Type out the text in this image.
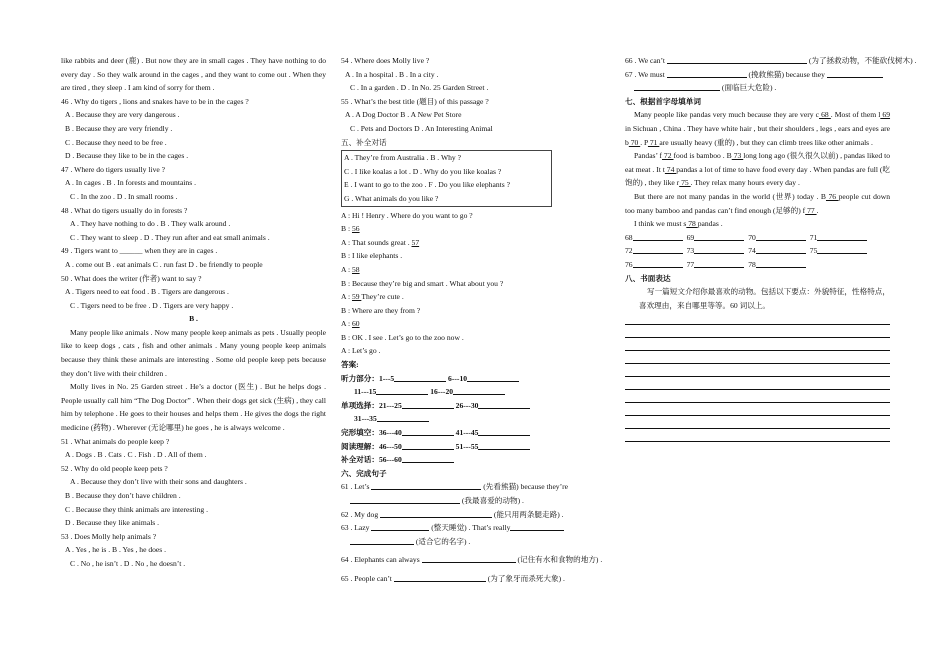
like rabbits and deer (鹿) . But now they are in small cages . They have nothing to do every day . So they walk around in the cages , and they want to come out . When they are tired , they sleep . I am kind of sorry for them .

46 . Why do tigers , lions and snakes have to be in the cages ?
A . Because they are very dangerous .
B . Because they are very friendly .
C . Because they need to be free .
D . Because they like to be in the cages .
47 . Where do tigers usually live ?
A . In cages . B . In forests and mountains .
C . In the zoo . D . In small rooms .
48 . What do tigers usually do in forests ?
A . They have nothing to do . B . They walk around .
C . They want to sleep . D . They run after and eat small animals .
49 . Tigers want to ______ when they are in cages .
A . come out B . eat animals C . run fast D . be friendly to people
50 . What does the writer (作者) want to say ?
A . Tigers need to eat food . B . Tigers are dangerous .
C . Tigers need to be free . D . Tigers are very happy .
B .

Many people like animals . Now many people keep animals as pets . Usually people like to keep dogs , cats , fish and other animals . Many young people keep animals because they think these animals are interesting . Some old people keep pets because they don’t live with their children .

Molly lives in No. 25 Garden street . He’s a doctor (医生) . But he helps dogs . People usually call him “The Dog Doctor” . When their dogs get sick (生病) , they call him by telephone . He goes to their houses and helps them . He gives the dogs the right medicine (药物) . Wherever (无论哪里) he goes , he is always welcome .

51 . What animals do people keep ?
A . Dogs . B . Cats . C . Fish . D . All of them .
52 . Why do old people keep pets ?
A . Because they don’t live with their sons and daughters .
B . Because they don’t have children .
C . Because they think animals are interesting .
D . Because they like animals .
53 . Does Molly help animals ?
A . Yes , he is . B . Yes , he does .
C . No , he isn’t . D . No , he doesn’t .
54 . Where does Molly live ?
A . In a hospital . B . In a city .
C . In a garden . D . In No. 25 Garden Street .
55 . What’s the best title (题目) of this passage ?
A . A Dog Doctor B . A New Pet Store
C . Pets and Doctors D . An Interesting Animal
五、补全对话
A . They’re from Australia . B . Why ?
C . I like koalas a lot . D . Why do you like koalas ?
E . I want to go to the zoo . F . Do you like elephants ?
G . What animals do you like ?
A : Hi ! Henry . Where do you want to go ?
B : 56
A : That sounds great . 57
B : I like elephants .
A : 58
B : Because they’re big and smart . What about you ?
A : 59 They’re cute .
B : Where are they from ?
A : 60
B : OK . I see . Let’s go to the zoo now .
A : Let’s go .
答案:
听力部分：1---5	6---10
11---15	16---20
单项选择：21---25	26---30
31---35
完形填空：36---40	41---45
阅读理解：46---50	51---55
补全对话：56---60
六、完成句子
61 . Let’s	(先看熊猫) because they’re
(我最喜爱的动物) .
62 . My dog	(能只用两条腿走路) .
63 . Lazy	(整天睡觉) . That’s really
(适合它的名字) .
64 . Elephants can always	(记住有水和食物的地方) .
65 . People can’t	(为了象牙而杀死大象) .
66 . We can’t	(为了拯救动物，不能砍伐树木) .
67 . We must	(挽救熊猫) because they
(面临巨大危险) .
七、根据首字母填单词

Many people like pandas very much because they are very c 68 . Most of them l 69 in Sichuan , China . They have white hair , but their shoulders , legs , ears and eyes are b 70 . P 71 are usually heavy (重的) , but they can climb trees like other animals .

Pandas’ f 72 food is bamboo . B 73 long long ago (很久很久以前) , pandas liked to eat meat . It t 74 pandas a lot of time to have food every day . When pandas are full (吃饱的) , they like r 75 . They relax many hours every day .

But there are not many pandas in the world (世界) today . B 76 people cut down too many bamboo and pandas can’t find enough (足够的) f 77 .

I think we must s 78 pandas .

68	69	70	71
72	73	74	75
76	77	78
八、书面表达

写一篇短文介绍你最喜欢的动物。包括以下要点：外貌特征，性格特点，喜欢理由，来自哪里等等。60 词以上。
